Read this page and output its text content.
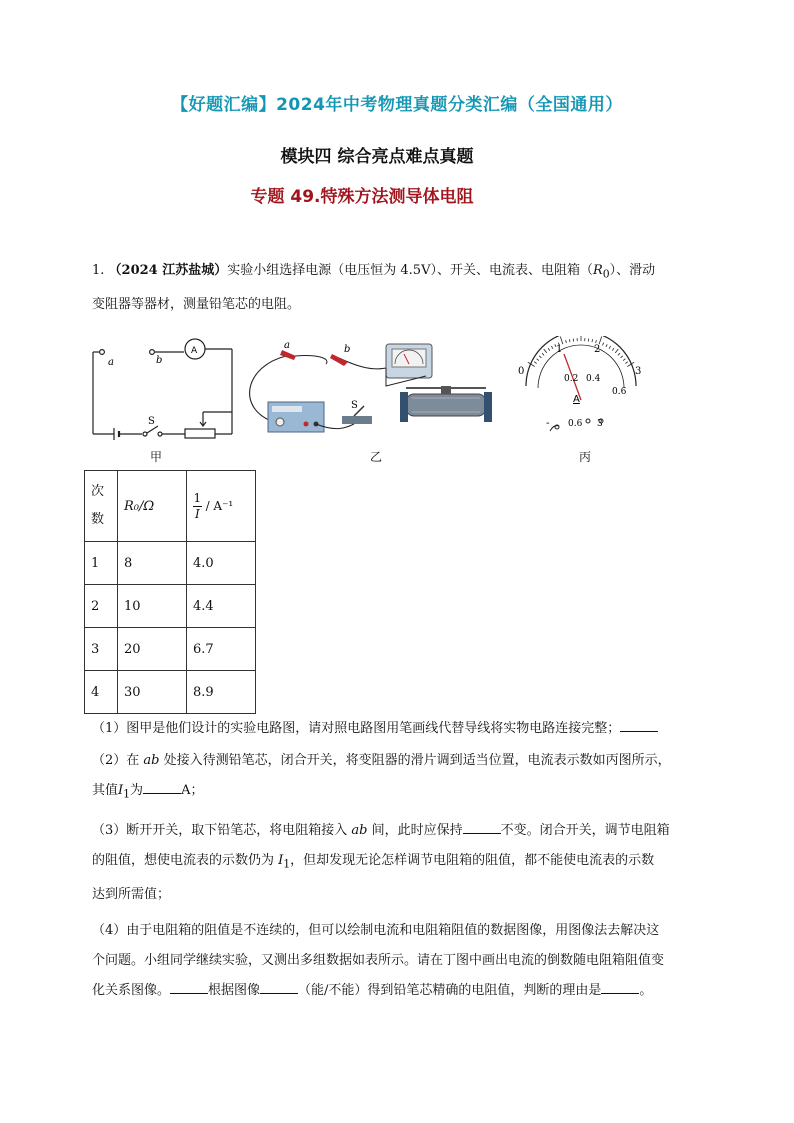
【好题汇编】2024年中考物理真题分类汇编（全国通用）
模块四 综合亮点难点真题
专题 49.特殊方法测导体电阻
1. （2024 江苏盐城）实验小组选择电源（电压恒为 4.5V）、开关、电流表、电阻箱$(R_0)$、滑动
变阻器等器材，测量铅笔芯的电阻。
a	b
A
S
a	b
S
0
1	2
3
0.2 0.4
0.6
A
- 0.6 3
甲	乙	丙
次
数	R₀/Ω	$\frac{1}{I} / A^{-1}$
1	8	4.0
2	10	4.4
3	20	6.7
4	30	8.9
（1）图甲是他们设计的实验电路图，请对照电路图用笔画线代替导线将实物电路连接完整；
（2）在 ab 处接入待测铅笔芯，闭合开关，将变阻器的滑片调到适当位置，电流表示数如丙图所示，
其值$I_1$为	A；
（3）断开开关，取下铅笔芯，将电阻箱接入 ab 间，此时应保持	不变。闭合开关，调节电阻箱
的阻值，想使电流表的示数仍为 $I_1$，但却发现无论怎样调节电阻箱的阻值，都不能使电流表的示数
达到所需值；
（4）由于电阻箱的阻值是不连续的，但可以绘制电流和电阻箱阻值的数据图像，用图像法去解决这
个问题。小组同学继续实验，又测出多组数据如表所示。请在丁图中画出电流的倒数随电阻箱阻值变
化关系图像。	根据图像	（能/不能）得到铅笔芯精确的电阻值，判断的理由是	。
